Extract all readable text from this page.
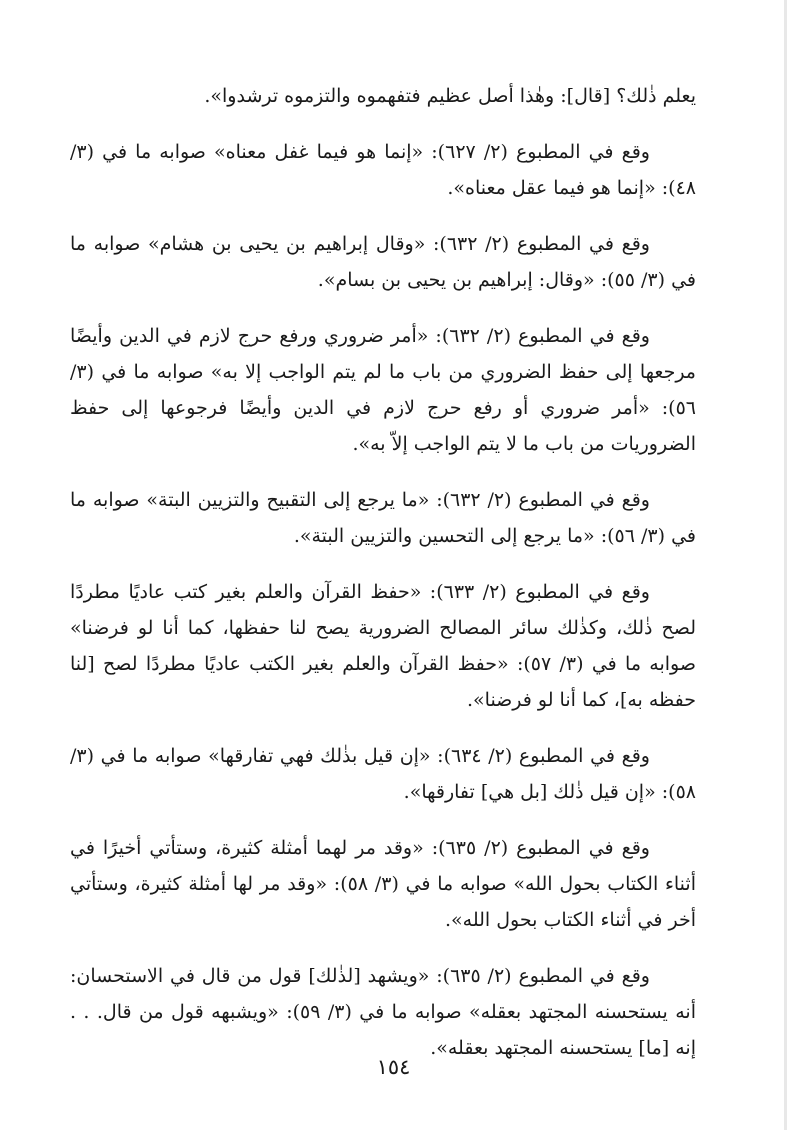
يعلم ذٰلك؟ [قال]: وهٰذا أصل عظيم فتفهموه والتزموه ترشدوا».

وقع في المطبوع (٢/ ٦٢٧): «إنما هو فيما غفل معناه» صوابه ما في (٣/ ٤٨): «إنما هو فيما عقل معناه».

وقع في المطبوع (٢/ ٦٣٢): «وقال إبراهيم بن يحيى بن هشام» صوابه ما في (٣/ ٥٥): «وقال: إبراهيم بن يحيى بن بسام».

وقع في المطبوع (٢/ ٦٣٢): «أمر ضروري ورفع حرج لازم في الدين وأيضًا مرجعها إلى حفظ الضروري من باب ما لم يتم الواجب إلا به» صوابه ما في (٣/ ٥٦): «أمر ضروري أو رفع حرج لازم في الدين وأيضًا فرجوعها إلى حفظ الضروريات من باب ما لا يتم الواجب إلاّ به».

وقع في المطبوع (٢/ ٦٣٢): «ما يرجع إلى التقبيح والتزيين البتة» صوابه ما في (٣/ ٥٦): «ما يرجع إلى التحسين والتزيين البتة».

وقع في المطبوع (٢/ ٦٣٣): «حفظ القرآن والعلم بغير كتب عاديًا مطردًا لصح ذٰلك، وكذٰلك سائر المصالح الضرورية يصح لنا حفظها، كما أنا لو فرضنا» صوابه ما في (٣/ ٥٧): «حفظ القرآن والعلم بغير الكتب عاديًا مطردًا لصح [لنا حفظه به]، كما أنا لو فرضنا».

وقع في المطبوع (٢/ ٦٣٤): «إن قيل بذٰلك فهي تفارقها» صوابه ما في (٣/ ٥٨): «إن قيل ذٰلك [بل هي] تفارقها».

وقع في المطبوع (٢/ ٦٣٥): «وقد مر لهما أمثلة كثيرة، وستأتي أخيرًا في أثناء الكتاب بحول الله» صوابه ما في (٣/ ٥٨): «وقد مر لها أمثلة كثيرة، وستأتي أخر في أثناء الكتاب بحول الله».

وقع في المطبوع (٢/ ٦٣٥): «ويشهد [لذٰلك] قول من قال في الاستحسان: أنه يستحسنه المجتهد بعقله» صوابه ما في (٣/ ٥٩): «ويشبهه قول من قال. . . إنه [ما] يستحسنه المجتهد بعقله».

١٥٤
